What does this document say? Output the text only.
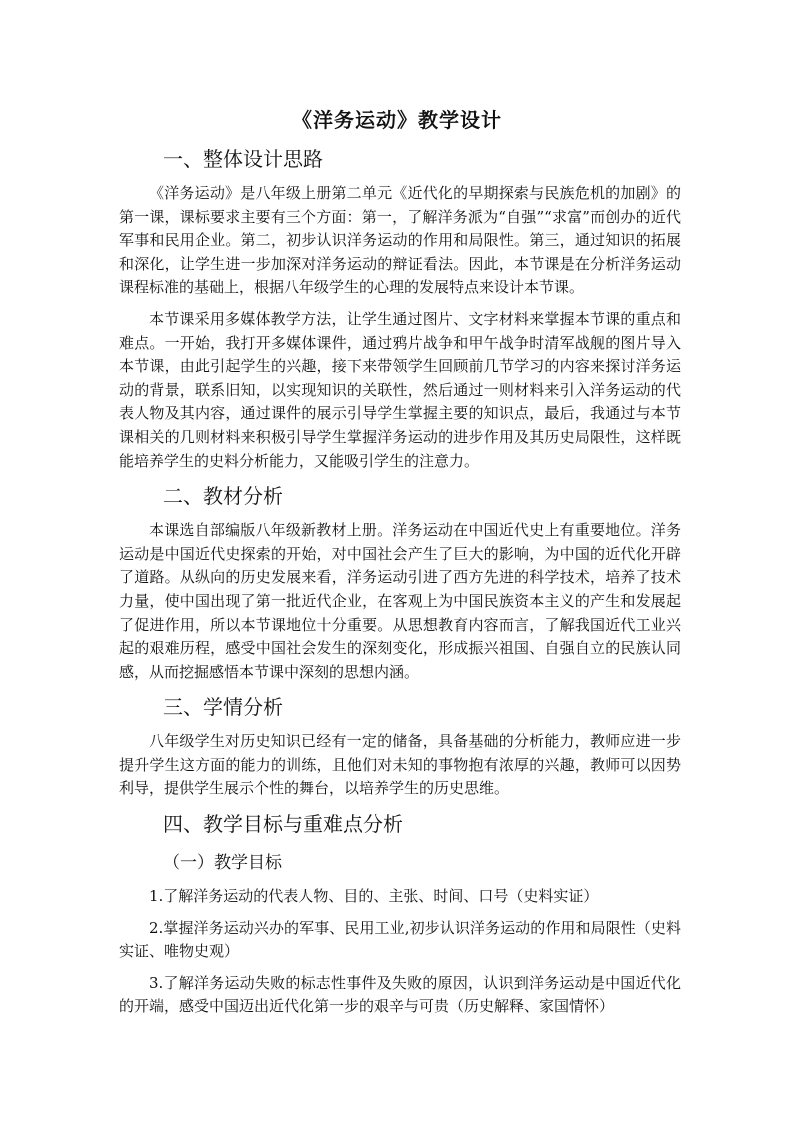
《洋务运动》教学设计
一、整体设计思路

《洋务运动》是八年级上册第二单元《近代化的早期探索与民族危机的加剧》的第一课，课标要求主要有三个方面：第一，了解洋务派为“自强”“求富”而创办的近代军事和民用企业。第二，初步认识洋务运动的作用和局限性。第三，通过知识的拓展和深化，让学生进一步加深对洋务运动的辩证看法。因此，本节课是在分析洋务运动课程标准的基础上，根据八年级学生的心理的发展特点来设计本节课。

本节课采用多媒体教学方法，让学生通过图片、文字材料来掌握本节课的重点和难点。一开始，我打开多媒体课件，通过鸦片战争和甲午战争时清军战舰的图片导入本节课，由此引起学生的兴趣，接下来带领学生回顾前几节学习的内容来探讨洋务运动的背景，联系旧知，以实现知识的关联性，然后通过一则材料来引入洋务运动的代表人物及其内容，通过课件的展示引导学生掌握主要的知识点，最后，我通过与本节课相关的几则材料来积极引导学生掌握洋务运动的进步作用及其历史局限性，这样既能培养学生的史料分析能力，又能吸引学生的注意力。

二、教材分析

本课选自部编版八年级新教材上册。洋务运动在中国近代史上有重要地位。洋务运动是中国近代史探索的开始，对中国社会产生了巨大的影响，为中国的近代化开辟了道路。从纵向的历史发展来看，洋务运动引进了西方先进的科学技术，培养了技术力量，使中国出现了第一批近代企业，在客观上为中国民族资本主义的产生和发展起了促进作用，所以本节课地位十分重要。从思想教育内容而言，了解我国近代工业兴起的艰难历程，感受中国社会发生的深刻变化，形成振兴祖国、自强自立的民族认同感，从而挖掘感悟本节课中深刻的思想内涵。

三、学情分析

八年级学生对历史知识已经有一定的储备，具备基础的分析能力，教师应进一步提升学生这方面的能力的训练，且他们对未知的事物抱有浓厚的兴趣，教师可以因势利导，提供学生展示个性的舞台，以培养学生的历史思维。

四、教学目标与重难点分析
（一）教学目标

1.了解洋务运动的代表人物、目的、主张、时间、口号（史料实证）

2.掌握洋务运动兴办的军事、民用工业,初步认识洋务运动的作用和局限性（史料实证、唯物史观）

3.了解洋务运动失败的标志性事件及失败的原因，认识到洋务运动是中国近代化的开端，感受中国迈出近代化第一步的艰辛与可贵（历史解释、家国情怀）
